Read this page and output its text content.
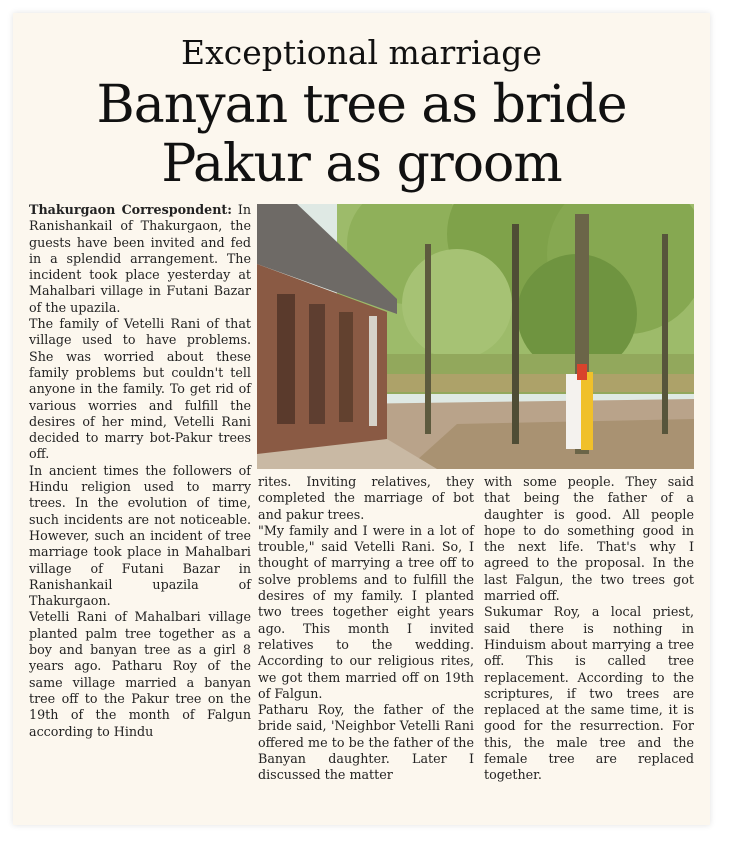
Exceptional marriage
Banyan tree as bride
Pakur as groom

Thakurgaon Correspondent: In Ranishankail of Thakurgaon, the guests have been invited and fed in a splendid arrangement. The incident took place yesterday at Mahalbari village in Futani Bazar of the upazila.

The family of Vetelli Rani of that village used to have problems. She was worried about these family problems but couldn't tell anyone in the family. To get rid of various worries and fulfill the desires of her mind, Vetelli Rani decided to marry bot-Pakur trees off.

In ancient times the followers of Hindu religion used to marry trees. In the evolution of time, such incidents are not noticeable. However, such an incident of tree marriage took place in Mahalbari village of Futani Bazar in Ranishankail upazila of Thakurgaon.

Vetelli Rani of Mahalbari village planted palm tree together as a boy and banyan tree as a girl 8 years ago. Patharu Roy of the same village married a banyan tree off to the Pakur tree on the 19th of the month of Falgun according to Hindu

rites. Inviting relatives, they completed the marriage of bot and pakur trees.

"My family and I were in a lot of trouble," said Vetelli Rani. So, I thought of marrying a tree off to solve problems and to fulfill the desires of my family. I planted two trees together eight years ago. This month I invited relatives to the wedding. According to our religious rites, we got them married off on 19th of Falgun.

Patharu Roy, the father of the bride said, 'Neighbor Vetelli Rani offered me to be the father of the Banyan daughter. Later I discussed the matter

with some people. They said that being the father of a daughter is good. All people hope to do something good in the next life. That's why I agreed to the proposal. In the last Falgun, the two trees got married off.

Sukumar Roy, a local priest, said there is nothing in Hinduism about marrying a tree off. This is called tree replacement. According to the scriptures, if two trees are replaced at the same time, it is good for the resurrection. For this, the male tree and the female tree are replaced together.
